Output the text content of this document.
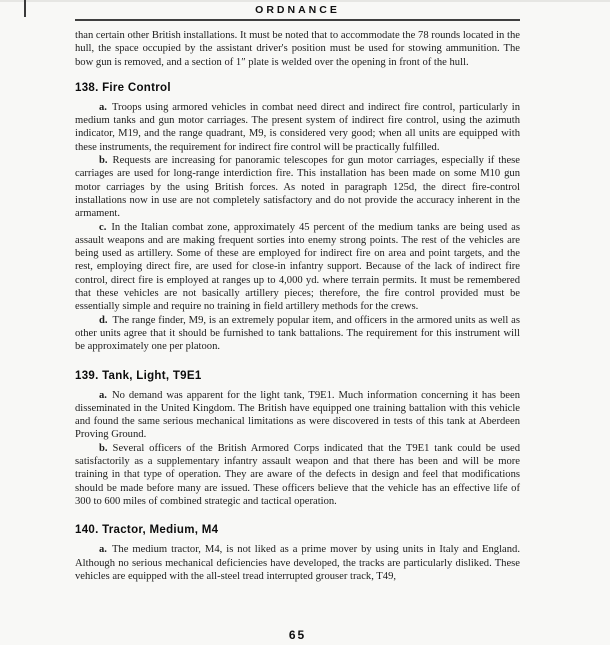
ORDNANCE

than certain other British installations. It must be noted that to accommodate the 78 rounds located in the hull, the space occupied by the assistant driver's position must be used for stowing ammunition. The bow gun is removed, and a section of 1″ plate is welded over the opening in front of the hull.

138. Fire Control

a. Troops using armored vehicles in combat need direct and indirect fire control, particularly in medium tanks and gun motor carriages. The present system of indirect fire control, using the azimuth indicator, M19, and the range quadrant, M9, is considered very good; when all units are equipped with these instruments, the requirement for indirect fire control will be practically fulfilled.

b. Requests are increasing for panoramic telescopes for gun motor carriages, especially if these carriages are used for long-range interdiction fire. This installation has been made on some M10 gun motor carriages by the using British forces. As noted in paragraph 125d, the direct fire-control installations now in use are not completely satisfactory and do not provide the accuracy inherent in the armament.

c. In the Italian combat zone, approximately 45 percent of the medium tanks are being used as assault weapons and are making frequent sorties into enemy strong points. The rest of the vehicles are being used as artillery. Some of these are employed for indirect fire on area and point targets, and the rest, employing direct fire, are used for close-in infantry support. Because of the lack of indirect fire control, direct fire is employed at ranges up to 4,000 yd. where terrain permits. It must be remembered that these vehicles are not basically artillery pieces; therefore, the fire control provided must be essentially simple and require no training in field artillery methods for the crews.

d. The range finder, M9, is an extremely popular item, and officers in the armored units as well as other units agree that it should be furnished to tank battalions. The requirement for this instrument will be approximately one per platoon.

139. Tank, Light, T9E1

a. No demand was apparent for the light tank, T9E1. Much information concerning it has been disseminated in the United Kingdom. The British have equipped one training battalion with this vehicle and found the same serious mechanical limitations as were discovered in tests of this tank at Aberdeen Proving Ground.

b. Several officers of the British Armored Corps indicated that the T9E1 tank could be used satisfactorily as a supplementary infantry assault weapon and that there has been and will be more training in that type of operation. They are aware of the defects in design and feel that modifications should be made before many are issued. These officers believe that the vehicle has an effective life of 300 to 600 miles of combined strategic and tactical operation.

140. Tractor, Medium, M4

a. The medium tractor, M4, is not liked as a prime mover by using units in Italy and England. Although no serious mechanical deficiencies have developed, the tracks are particularly disliked. These vehicles are equipped with the all-steel tread interrupted grouser track, T49,

65
